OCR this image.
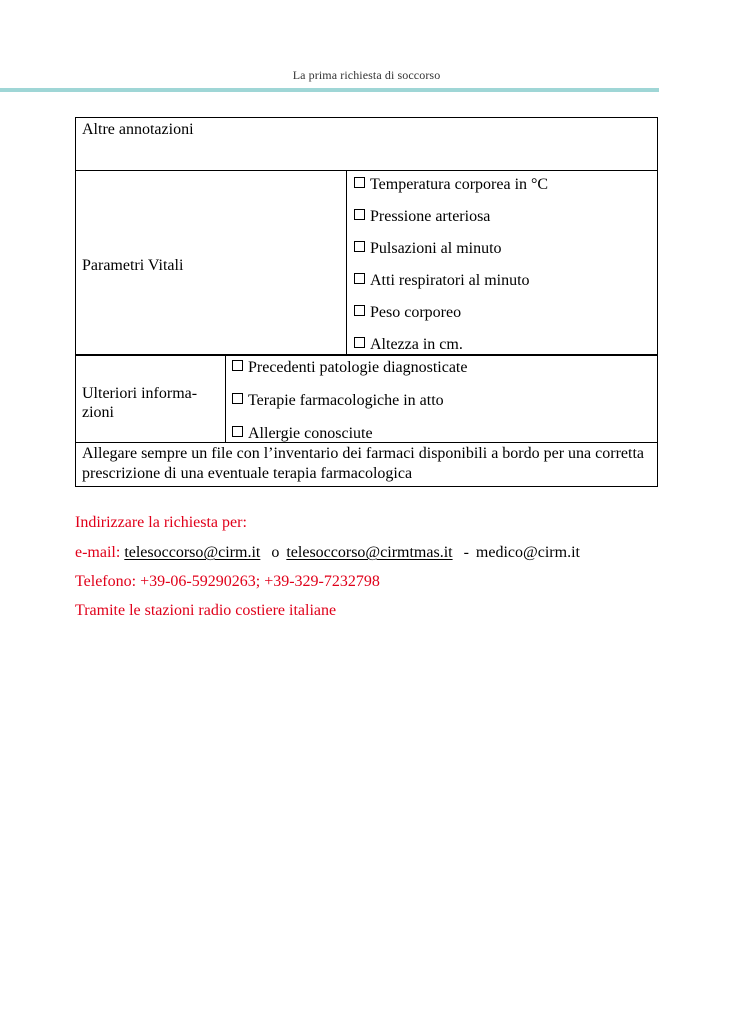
La prima richiesta di soccorso
Altre annotazioni
Parametri Vitali
Temperatura corporea in °C
Pressione arteriosa
Pulsazioni al minuto
Atti respiratori al minuto
Peso corporeo
Altezza in cm.
Ulteriori informa-
zioni
Precedenti patologie diagnosticate
Terapie farmacologiche in atto
Allergie conosciute
Allegare sempre un file con l’inventario dei farmaci disponibili a bordo per una corretta prescrizione di una eventuale terapia farmacologica
Indirizzare la richiesta per:
e-mail: telesoccorso@cirm.it o telesoccorso@cirmtmas.it - medico@cirm.it
Telefono: +39-06-59290263; +39-329-7232798
Tramite le stazioni radio costiere italiane
